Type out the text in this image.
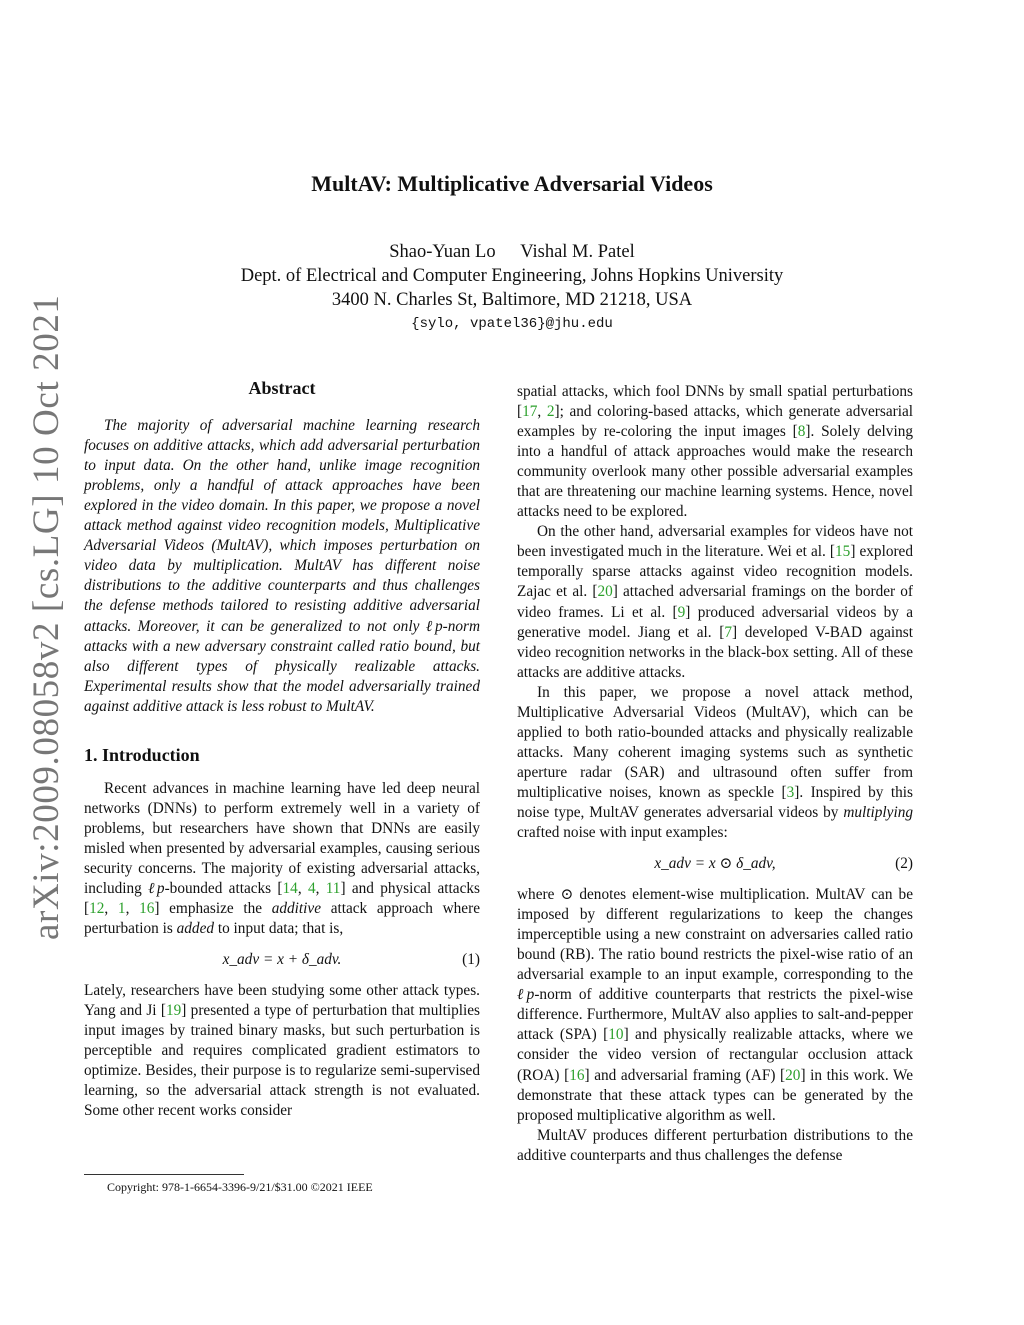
arXiv:2009.08058v2 [cs.LG] 10 Oct 2021
MultAV: Multiplicative Adversarial Videos
Shao-Yuan Lo Vishal M. Patel
Dept. of Electrical and Computer Engineering, Johns Hopkins University
3400 N. Charles St, Baltimore, MD 21218, USA
{sylo, vpatel36}@jhu.edu

Abstract

The majority of adversarial machine learning research focuses on additive attacks, which add adversarial perturbation to input data. On the other hand, unlike image recognition problems, only a handful of attack approaches have been explored in the video domain. In this paper, we propose a novel attack method against video recognition models, Multiplicative Adversarial Videos (MultAV), which imposes perturbation on video data by multiplication. MultAV has different noise distributions to the additive counterparts and thus challenges the defense methods tailored to resisting additive adversarial attacks. Moreover, it can be generalized to not only ℓp-norm attacks with a new adversary constraint called ratio bound, but also different types of physically realizable attacks. Experimental results show that the model adversarially trained against additive attack is less robust to MultAV.

1. Introduction

Recent advances in machine learning have led deep neural networks (DNNs) to perform extremely well in a variety of problems, but researchers have shown that DNNs are easily misled when presented by adversarial examples, causing serious security concerns. The majority of existing adversarial attacks, including ℓp-bounded attacks [14, 4, 11] and physical attacks [12, 1, 16] emphasize the additive attack approach where perturbation is added to input data; that is,

x_adv = x + δ_adv.	(1)

Lately, researchers have been studying some other attack types. Yang and Ji [19] presented a type of perturbation that multiplies input images by trained binary masks, but such perturbation is perceptible and requires complicated gradient estimators to optimize. Besides, their purpose is to regularize semi-supervised learning, so the adversarial attack strength is not evaluated. Some other recent works consider

Copyright: 978-1-6654-3396-9/21/$31.00 ©2021 IEEE

spatial attacks, which fool DNNs by small spatial perturbations [17, 2]; and coloring-based attacks, which generate adversarial examples by re-coloring the input images [8]. Solely delving into a handful of attack approaches would make the research community overlook many other possible adversarial examples that are threatening our machine learning systems. Hence, novel attacks need to be explored.

On the other hand, adversarial examples for videos have not been investigated much in the literature. Wei et al. [15] explored temporally sparse attacks against video recognition models. Zajac et al. [20] attached adversarial framings on the border of video frames. Li et al. [9] produced adversarial videos by a generative model. Jiang et al. [7] developed V-BAD against video recognition networks in the black-box setting. All of these attacks are additive attacks.

In this paper, we propose a novel attack method, Multiplicative Adversarial Videos (MultAV), which can be applied to both ratio-bounded attacks and physically realizable attacks. Many coherent imaging systems such as synthetic aperture radar (SAR) and ultrasound often suffer from multiplicative noises, known as speckle [3]. Inspired by this noise type, MultAV generates adversarial videos by multiplying crafted noise with input examples:

x_adv = x ⊙ δ_adv,	(2)

where ⊙ denotes element-wise multiplication. MultAV can be imposed by different regularizations to keep the changes imperceptible using a new constraint on adversaries called ratio bound (RB). The ratio bound restricts the pixel-wise ratio of an adversarial example to an input example, corresponding to the ℓp-norm of additive counterparts that restricts the pixel-wise difference. Furthermore, MultAV also applies to salt-and-pepper attack (SPA) [10] and physically realizable attacks, where we consider the video version of rectangular occlusion attack (ROA) [16] and adversarial framing (AF) [20] in this work. We demonstrate that these attack types can be generated by the proposed multiplicative algorithm as well.

MultAV produces different perturbation distributions to the additive counterparts and thus challenges the defense
